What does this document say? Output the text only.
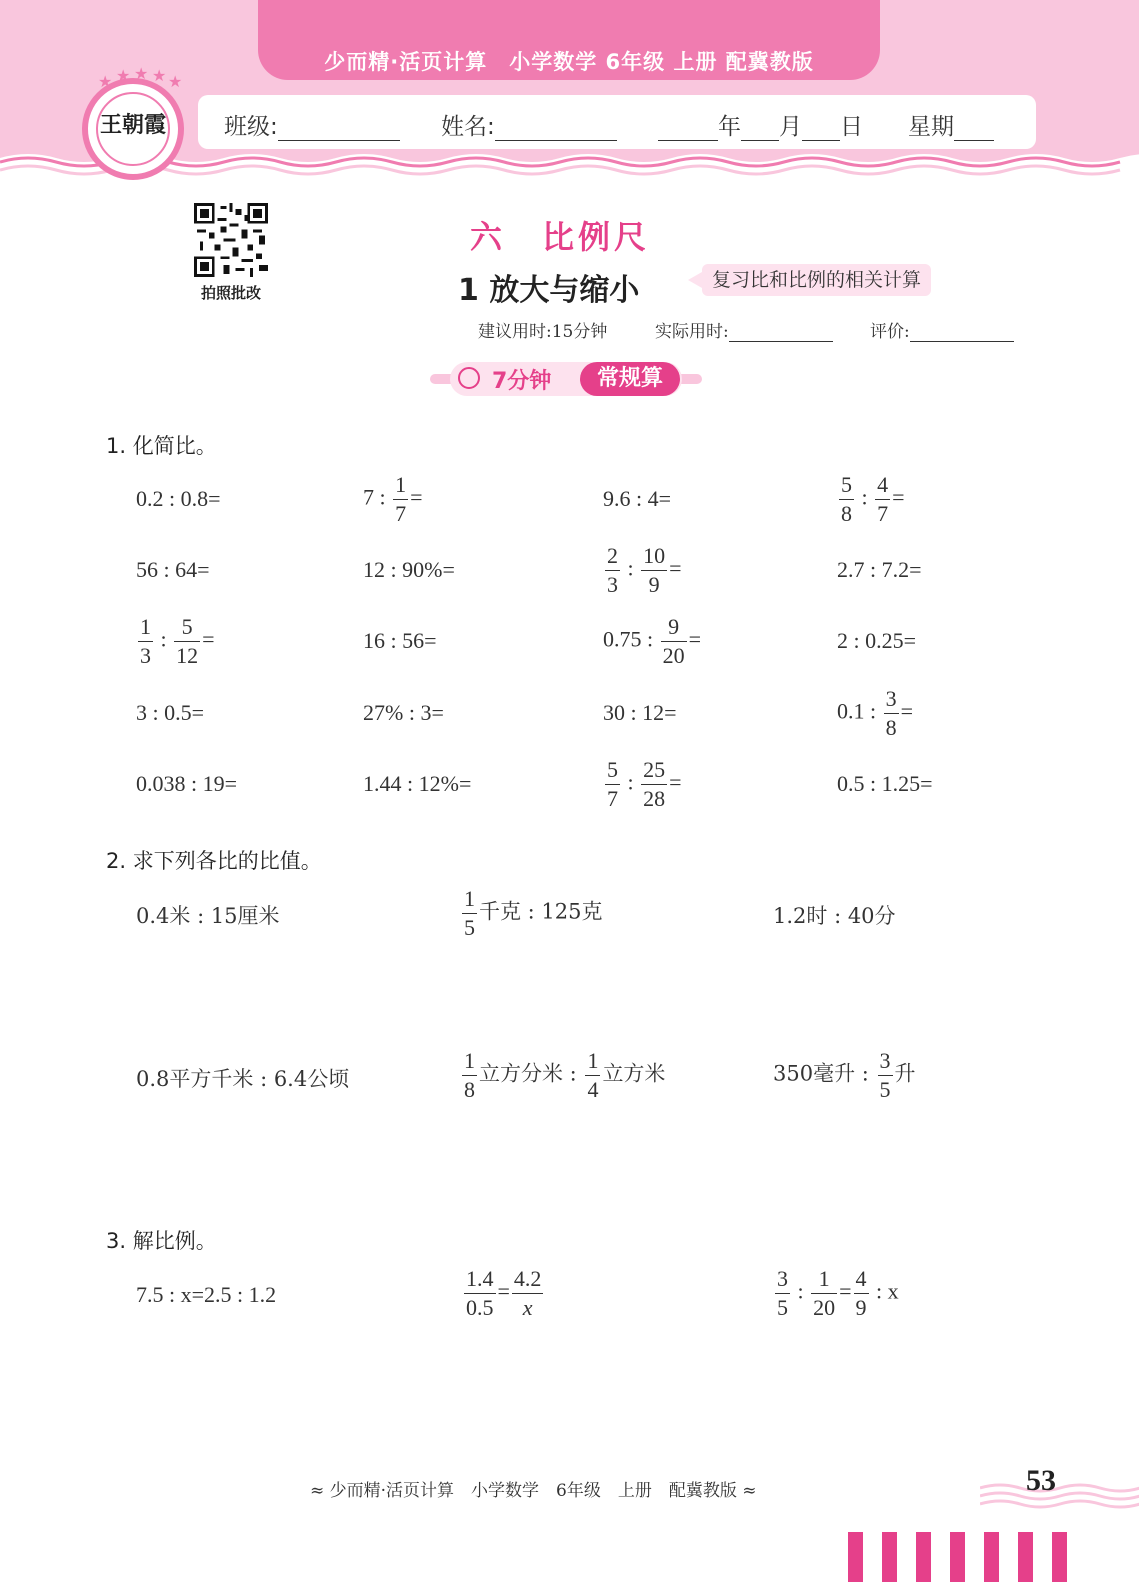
少而精·活页计算　小学数学 6年级 上册 配冀教版
王朝霞
★ ★ ★ ★ ★
班级:	姓名:	年 月 日 星期
拍照批改
六　比例尺
1 放大与缩小	复习比和比例的相关计算
建议用时:15分钟	实际用时:	评价:
7分钟	常规算
1. 化简比。
0.2 : 0.8=	7 : $\frac{1}{7}$ =	9.6 : 4=	$\frac{5}{8}$ : $\frac{4}{7}$ =
56 : 64=	12 : 90%=	$\frac{2}{3}$ : $\frac{10}{9}$ =	2.7 : 7.2=
$\frac{1}{3}$ : $\frac{5}{12}$ =	16 : 56=	0.75 : $\frac{9}{20}$ =	2 : 0.25=
3 : 0.5=	27% : 3=	30 : 12=	0.1 : $\frac{3}{8}$ =
0.038 : 19=	1.44 : 12%=	$\frac{5}{7}$ : $\frac{25}{28}$ =	0.5 : 1.25=
2. 求下列各比的比值。
0.4米 : 15厘米	$\frac{1}{5}$ 千克 : 125克	1.2时 : 40分
0.8平方千米 : 6.4公顷	$\frac{1}{8}$ 立方分米 : $\frac{1}{4}$ 立方米	350毫升 : $\frac{3}{5}$ 升
3. 解比例。
7.5 : x=2.5 : 1.2	$\frac{1.4}{0.5} = \frac{4.2}{x}$	$\frac{3}{5}$ : $\frac{1}{20} = \frac{4}{9}$ : x
≈ 少而精·活页计算　小学数学　6年级　上册　配冀教版 ≈	53
